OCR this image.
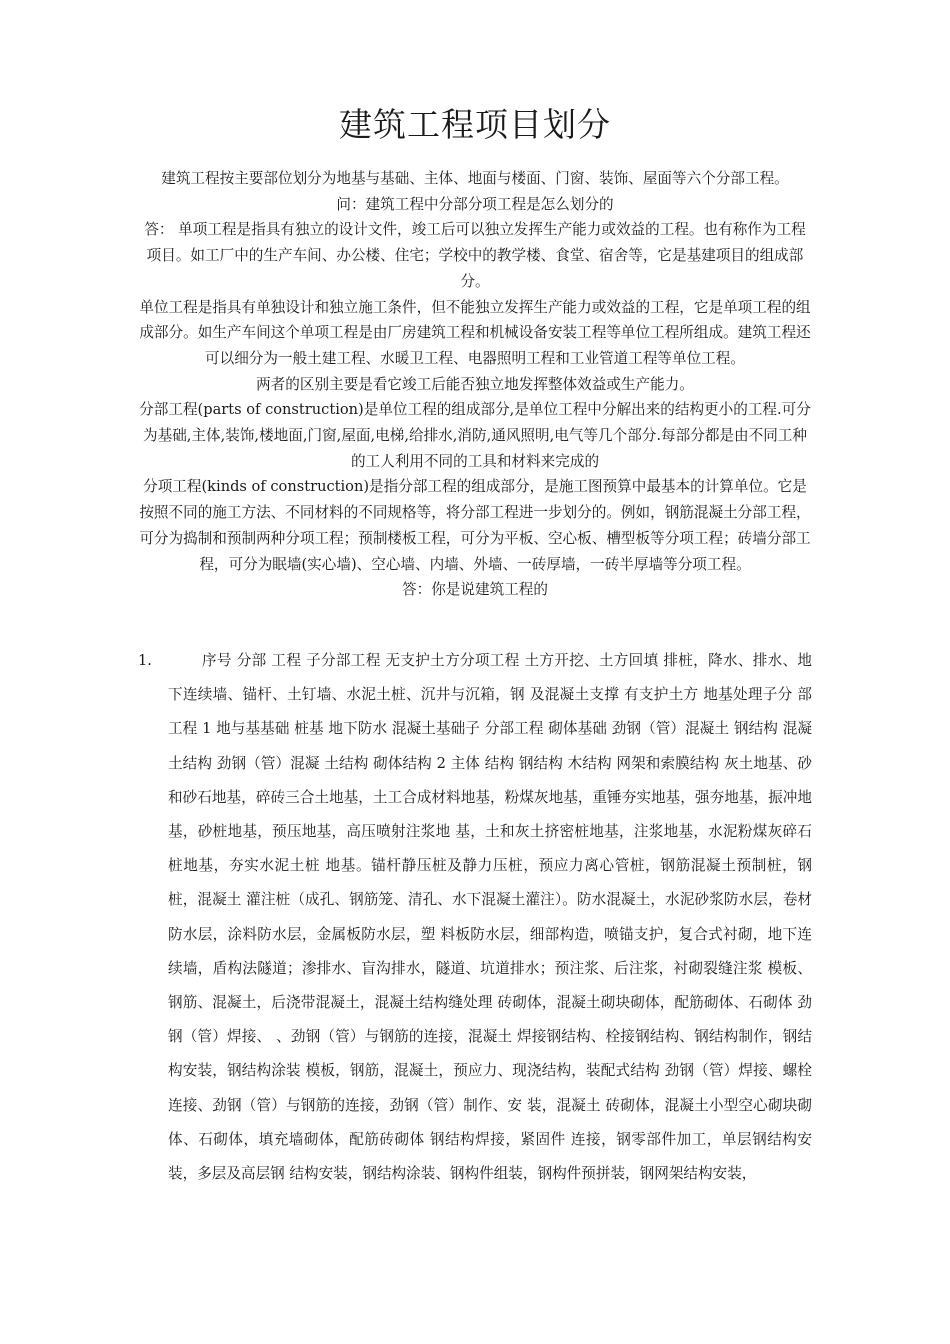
建筑工程项目划分

建筑工程按主要部位划分为地基与基础、主体、地面与楼面、门窗、装饰、屋面等六个分部工程。

问：建筑工程中分部分项工程是怎么划分的

答： 单项工程是指具有独立的设计文件，竣工后可以独立发挥生产能力或效益的工程。也有称作为工程项目。如工厂中的生产车间、办公楼、住宅；学校中的教学楼、食堂、宿舍等，它是基建项目的组成部分。

单位工程是指具有单独设计和独立施工条件，但不能独立发挥生产能力或效益的工程，它是单项工程的组成部分。如生产车间这个单项工程是由厂房建筑工程和机械设备安装工程等单位工程所组成。建筑工程还可以细分为一般土建工程、水暖卫工程、电器照明工程和工业管道工程等单位工程。

两者的区别主要是看它竣工后能否独立地发挥整体效益或生产能力。

分部工程(parts of construction)是单位工程的组成部分,是单位工程中分解出来的结构更小的工程.可分为基础,主体,装饰,楼地面,门窗,屋面,电梯,给排水,消防,通风照明,电气等几个部分.每部分都是由不同工种的工人利用不同的工具和材料来完成的

分项工程(kinds of construction)是指分部工程的组成部分，是施工图预算中最基本的计算单位。它是按照不同的施工方法、不同材料的不同规格等，将分部工程进一步划分的。例如，钢筋混凝土分部工程，可分为捣制和预制两种分项工程；预制楼板工程，可分为平板、空心板、槽型板等分项工程；砖墙分部工程，可分为眠墙(实心墙)、空心墙、内墙、外墙、一砖厚墙，一砖半厚墙等分项工程。

答：你是说建筑工程的

1.	序号 分部 工程 子分部工程 无支护土方分项工程 土方开挖、土方回填 排桩，降水、排水、地下连续墙、锚杆、土钉墙、水泥土桩、沉井与沉箱，钢 及混凝土支撑 有支护土方 地基处理子分 部工程 1 地与基基础 桩基 地下防水 混凝土基础子 分部工程 砌体基础 劲钢（管）混凝土 钢结构 混凝土结构 劲钢（管）混凝 土结构 砌体结构 2 主体 结构 钢结构 木结构 网架和索膜结构 灰土地基、砂和砂石地基，碎砖三合土地基，土工合成材料地基，粉煤灰地基，重锤夯实地基，强夯地基，振冲地基，砂桩地基，预压地基，高压喷射注浆地 基，土和灰土挤密桩地基，注浆地基，水泥粉煤灰碎石桩地基，夯实水泥土桩 地基。锚杆静压桩及静力压桩，预应力离心管桩，钢筋混凝土预制桩，钢桩，混凝土 灌注桩（成孔、钢筋笼、清孔、水下混凝土灌注）。防水混凝土，水泥砂浆防水层，卷材防水层，涂料防水层，金属板防水层，塑 料板防水层，细部构造，喷锚支护，复合式衬砌，地下连续墙，盾构法隧道；渗排水、盲沟排水，隧道、坑道排水；预注浆、后注浆，衬砌裂缝注浆 模板、钢筋、混凝土，后浇带混凝土，混凝土结构缝处理 砖砌体，混凝土砌块砌体，配筋砌体、石砌体 劲钢（管）焊接、 、劲钢（管）与钢筋的连接，混凝土 焊接钢结构、栓接钢结构、钢结构制作，钢结构安装，钢结构涂装 模板，钢筋，混凝土，预应力、现浇结构，装配式结构 劲钢（管）焊接、螺栓连接、劲钢（管）与钢筋的连接，劲钢（管）制作、安 装，混凝土 砖砌体，混凝土小型空心砌块砌体、石砌体，填充墙砌体，配筋砖砌体 钢结构焊接，紧固件 连接，钢零部件加工，单层钢结构安装，多层及高层钢 结构安装，钢结构涂装、钢构件组装，钢构件预拼装，钢网架结构安装，
